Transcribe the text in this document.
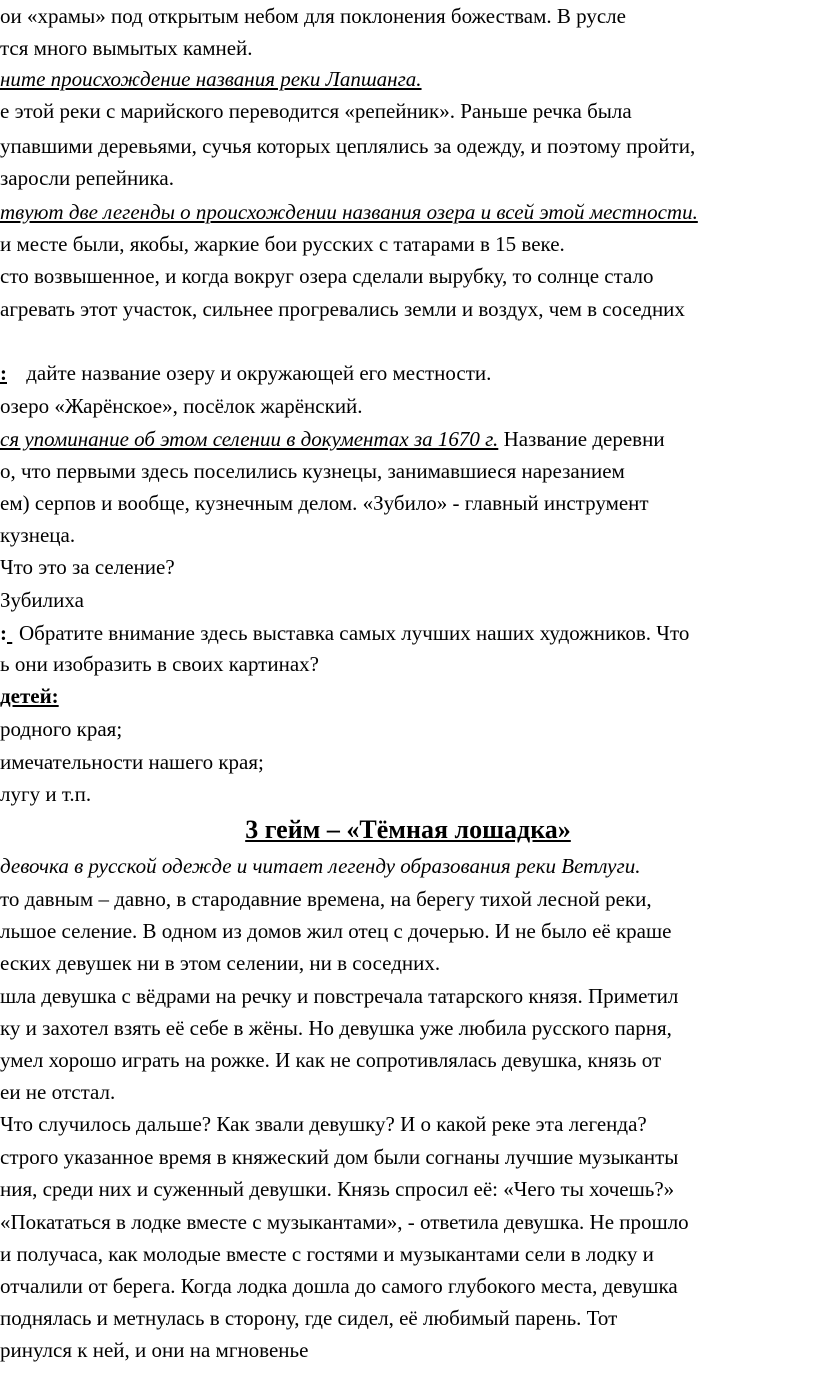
ои «храмы» под открытым небом для поклонения божествам. В русле
тся много вымытых камней.
ните происхождение названия реки Лапшанга.
е этой реки с марийского переводится «репейник». Раньше речка была
упавшими деревьями, сучья которых цеплялись за одежду, и поэтому пройти,
заросли репейника.
твуют две легенды о происхождении названия озера и всей этой местности.
и месте были, якобы, жаркие бои русских с татарами в 15 веке.
сто возвышенное, и когда вокруг озера сделали вырубку, то солнце стало
агревать этот участок, сильнее прогревались земли и воздух, чем в соседних
: дайте название озеру и окружающей его местности.
озеро «Жарёнское», посёлок жарёнский.
ся упоминание об этом селении в документах за 1670 г. Название деревни
о, что первыми здесь поселились кузнецы, занимавшиеся нарезанием
ем) серпов и вообще, кузнечным делом. «Зубило» - главный инструмент
кузнеца.
Что это за селение?
Зубилиха
: Обратите внимание здесь выставка самых лучших наших художников. Что
ь они изобразить в своих картинах?
детей:
родного края;
имечательности нашего края;
лугу и т.п.
3 гейм – «Тёмная лошадка»
девочка в русской одежде и читает легенду образования реки Ветлуги.
то давным – давно, в стародавние времена, на берегу тихой лесной реки,
льшое селение. В одном из домов жил отец с дочерью. И не было её краше
еских девушек ни в этом селении, ни в соседних.
шла девушка с вёдрами на речку и повстречала татарского князя. Приметил
ку и захотел взять её себе в жёны. Но девушка уже любила русского парня,
умел хорошо играть на рожке. И как не сопротивлялась девушка, князь от
еи не отстал.
Что случилось дальше? Как звали девушку? И о какой реке эта легенда?
строго указанное время в княжеский дом были согнаны лучшие музыканты
ния, среди них и суженный девушки. Князь спросил её: «Чего ты хочешь?»
«Покататься в лодке вместе с музыкантами», - ответила девушка. Не прошло
и получаса, как молодые вместе с гостями и музыкантами сели в лодку и
отчалили от берега. Когда лодка дошла до самого глубокого места, девушка
поднялась и метнулась в сторону, где сидел, её любимый парень. Тот
ринулся к ней, и они на мгновенье
